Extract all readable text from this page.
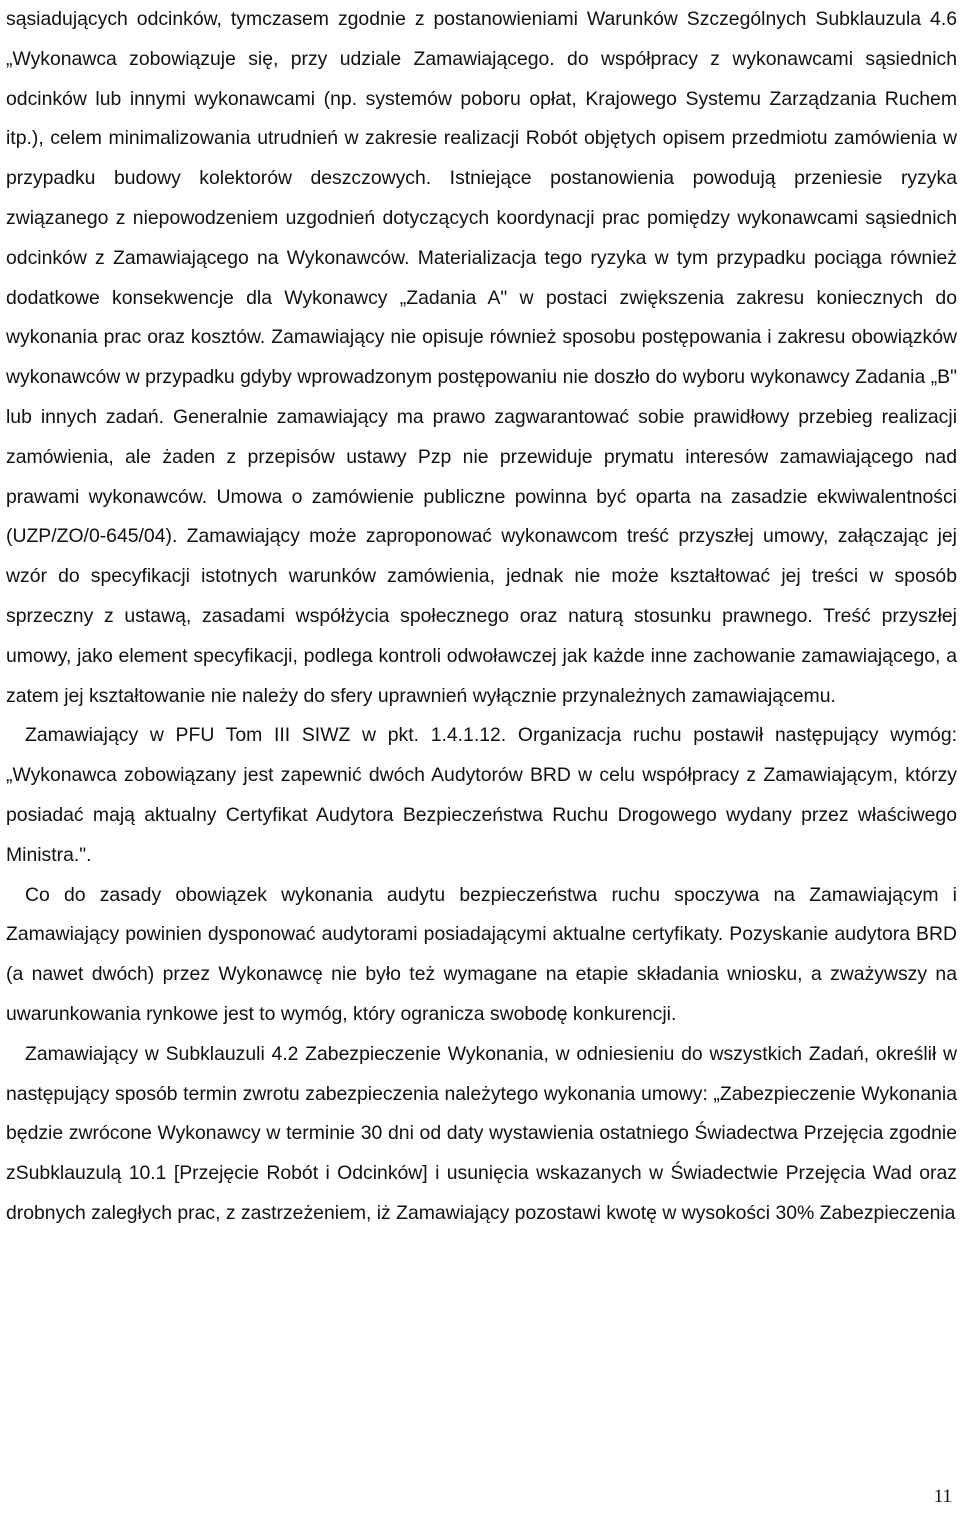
sąsiadujących odcinków, tymczasem zgodnie z postanowieniami Warunków Szczególnych Subklauzula 4.6 „Wykonawca zobowiązuje się, przy udziale Zamawiającego. do współpracy z wykonawcami sąsiednich odcinków lub innymi wykonawcami (np. systemów poboru opłat, Krajowego Systemu Zarządzania Ruchem itp.), celem minimalizowania utrudnień w zakresie realizacji Robót objętych opisem przedmiotu zamówienia w przypadku budowy kolektorów deszczowych. Istniejące postanowienia powodują przeniesie ryzyka związanego z niepowodzeniem uzgodnień dotyczących koordynacji prac pomiędzy wykonawcami sąsiednich odcinków z Zamawiającego na Wykonawców. Materializacja tego ryzyka w tym przypadku pociąga również dodatkowe konsekwencje dla Wykonawcy „Zadania A" w postaci zwiększenia zakresu koniecznych do wykonania prac oraz kosztów. Zamawiający nie opisuje również sposobu postępowania i zakresu obowiązków wykonawców w przypadku gdyby wprowadzonym postępowaniu nie doszło do wyboru wykonawcy Zadania „B" lub innych zadań. Generalnie zamawiający ma prawo zagwarantować sobie prawidłowy przebieg realizacji zamówienia, ale żaden z przepisów ustawy Pzp nie przewiduje prymatu interesów zamawiającego nad prawami wykonawców. Umowa o zamówienie publiczne powinna być oparta na zasadzie ekwiwalentności (UZP/ZO/0-645/04). Zamawiający może zaproponować wykonawcom treść przyszłej umowy, załączając jej wzór do specyfikacji istotnych warunków zamówienia, jednak nie może kształtować jej treści w sposób sprzeczny z ustawą, zasadami współżycia społecznego oraz naturą stosunku prawnego. Treść przyszłej umowy, jako element specyfikacji, podlega kontroli odwoławczej jak każde inne zachowanie zamawiającego, a zatem jej kształtowanie nie należy do sfery uprawnień wyłącznie przynależnych zamawiającemu.

Zamawiający w PFU Tom III SIWZ w pkt. 1.4.1.12. Organizacja ruchu postawił następujący wymóg: „Wykonawca zobowiązany jest zapewnić dwóch Audytorów BRD w celu współpracy z Zamawiającym, którzy posiadać mają aktualny Certyfikat Audytora Bezpieczeństwa Ruchu Drogowego wydany przez właściwego Ministra.".

Co do zasady obowiązek wykonania audytu bezpieczeństwa ruchu spoczywa na Zamawiającym i Zamawiający powinien dysponować audytorami posiadającymi aktualne certyfikaty. Pozyskanie audytora BRD (a nawet dwóch) przez Wykonawcę nie było też wymagane na etapie składania wniosku, a zważywszy na uwarunkowania rynkowe jest to wymóg, który ogranicza swobodę konkurencji.

Zamawiający w Subklauzuli 4.2 Zabezpieczenie Wykonania, w odniesieniu do wszystkich Zadań, określił w następujący sposób termin zwrotu zabezpieczenia należytego wykonania umowy: „Zabezpieczenie Wykonania będzie zwrócone Wykonawcy w terminie 30 dni od daty wystawienia ostatniego Świadectwa Przejęcia zgodnie zSubklauzulą 10.1 [Przejęcie Robót i Odcinków] i usunięcia wskazanych w Świadectwie Przejęcia Wad oraz drobnych zaległych prac, z zastrzeżeniem, iż Zamawiający pozostawi kwotę w wysokości 30% Zabezpieczenia

11
